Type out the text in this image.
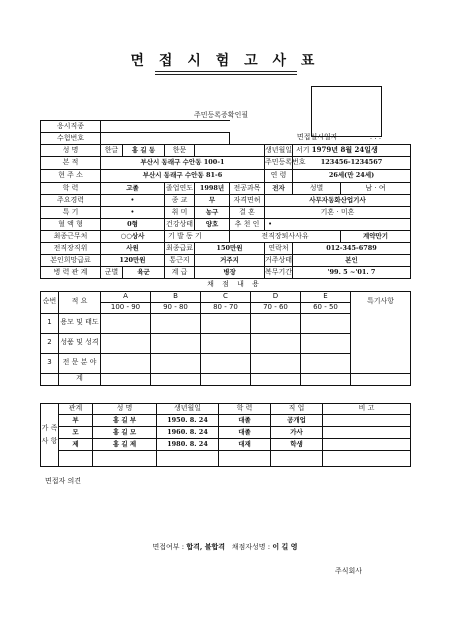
면 접 시 험 고 사 표
주민등록증확인필
응시직종								
수험번호					면접실시일자			. . .
성 명	한글	홍 길 동	한문			생년월일	서기 1979년 8월 24일생	
본 적	부산시 동래구 수안동 100-1					주민등록번호	123456-1234567	
현 주 소	부산시 동래구 수안동 81-6					연 령	26세(만 24세)	
학 력	고졸		졸업연도	1998년	전공과목	전자	성별	남 · 여
주요경력	•		종 교	무	자격면허	사무자동화산업기사		
특 기	•		취 미	농구	결 혼	기혼 · 미혼		
혈 액 형	0형		건강상태	양호	추 천 인	•		
최종근무처	○○상사		기 발 동 기		전직장퇴사사유			계약만기
전직장직위	사원		최종급료	150만원		연락처	012-345-6789	
본인희망급료	120만원		통근지	거주지		거주상태	본인	
병 력 관 계	군별	육군	계 급	병장		복무기간	'99. 5 ~'01. 7	
	채 점 내 용						
순번	적 요	A	B	C	D	E	특기사항
		100 - 90	90 - 80	80 - 70	70 - 60	60 - 50	
1	용모 및 태도						
2	성품 및 성격						
3	전 문 분 야						
	계						
가 족 사 항	관계	성 명	생년월일	학 력	직 업	비 고
	부	홍 길 부	1950. 8. 24	대졸	공개업	
	모	홍 길 모	1960. 8. 24	대졸	가사	
	제	홍 길 제	1980. 8. 24	대재	학생	

면접자 의견
면접여부 : 합격, 불합격 채점자성명 : 이 길 영
주식회사
